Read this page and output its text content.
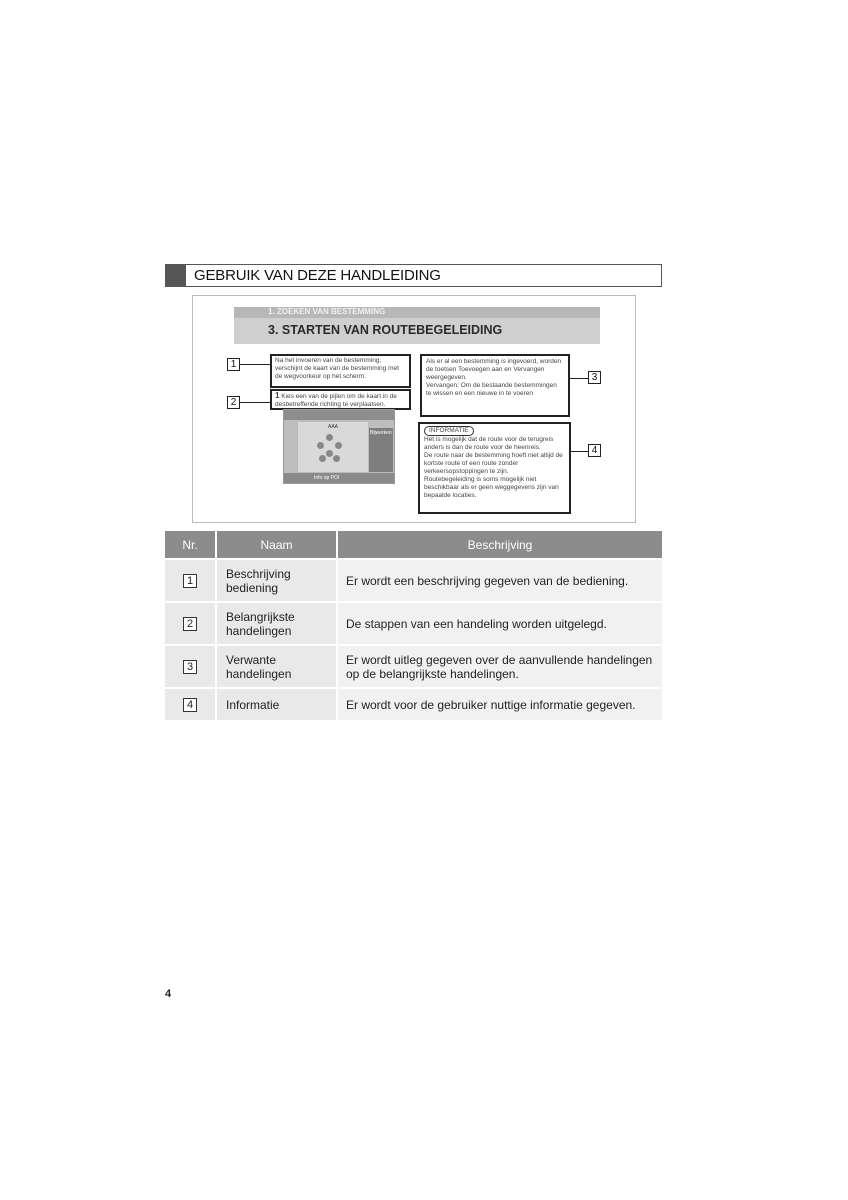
GEBRUIK VAN DEZE HANDLEIDING
1. ZOEKEN VAN BESTEMMING
3. STARTEN VAN ROUTEBEGELEIDING
1	Na het invoeren van de bestemming, verschijnt de kaart van de bestemming met de wegvoorkeur op het scherm.
2
1 Kies een van de pijlen om de kaart in de desbetreffende richting te verplaatsen.
AAA
Bijwerken
Info op POI
Als er al een bestemming is ingevoerd, worden de toetsen Toevoegen aan en Vervangen weergegeven.
Vervangen: Om de bestaande bestemmingen te wissen en een nieuwe in te voeren
3
INFORMATIE
Het is mogelijk dat de route voor de terugreis anders is dan de route voor de heenreis.
De route naar de bestemming hoeft niet altijd de kortste route of een route zonder verkeersopstoppingen te zijn.
Routebegeleiding is soms mogelijk niet beschikbaar als er geen weggegevens zijn van bepaalde locaties.
4
Nr.	Naam	Beschrijving
1	Beschrijving bediening	Er wordt een beschrijving gegeven van de bediening.
2	Belangrijkste handelingen	De stappen van een handeling worden uitgelegd.
3	Verwante handelingen	Er wordt uitleg gegeven over de aanvullende handelingen op de belangrijkste handelingen.
4	Informatie	Er wordt voor de gebruiker nuttige informatie gegeven.
4
